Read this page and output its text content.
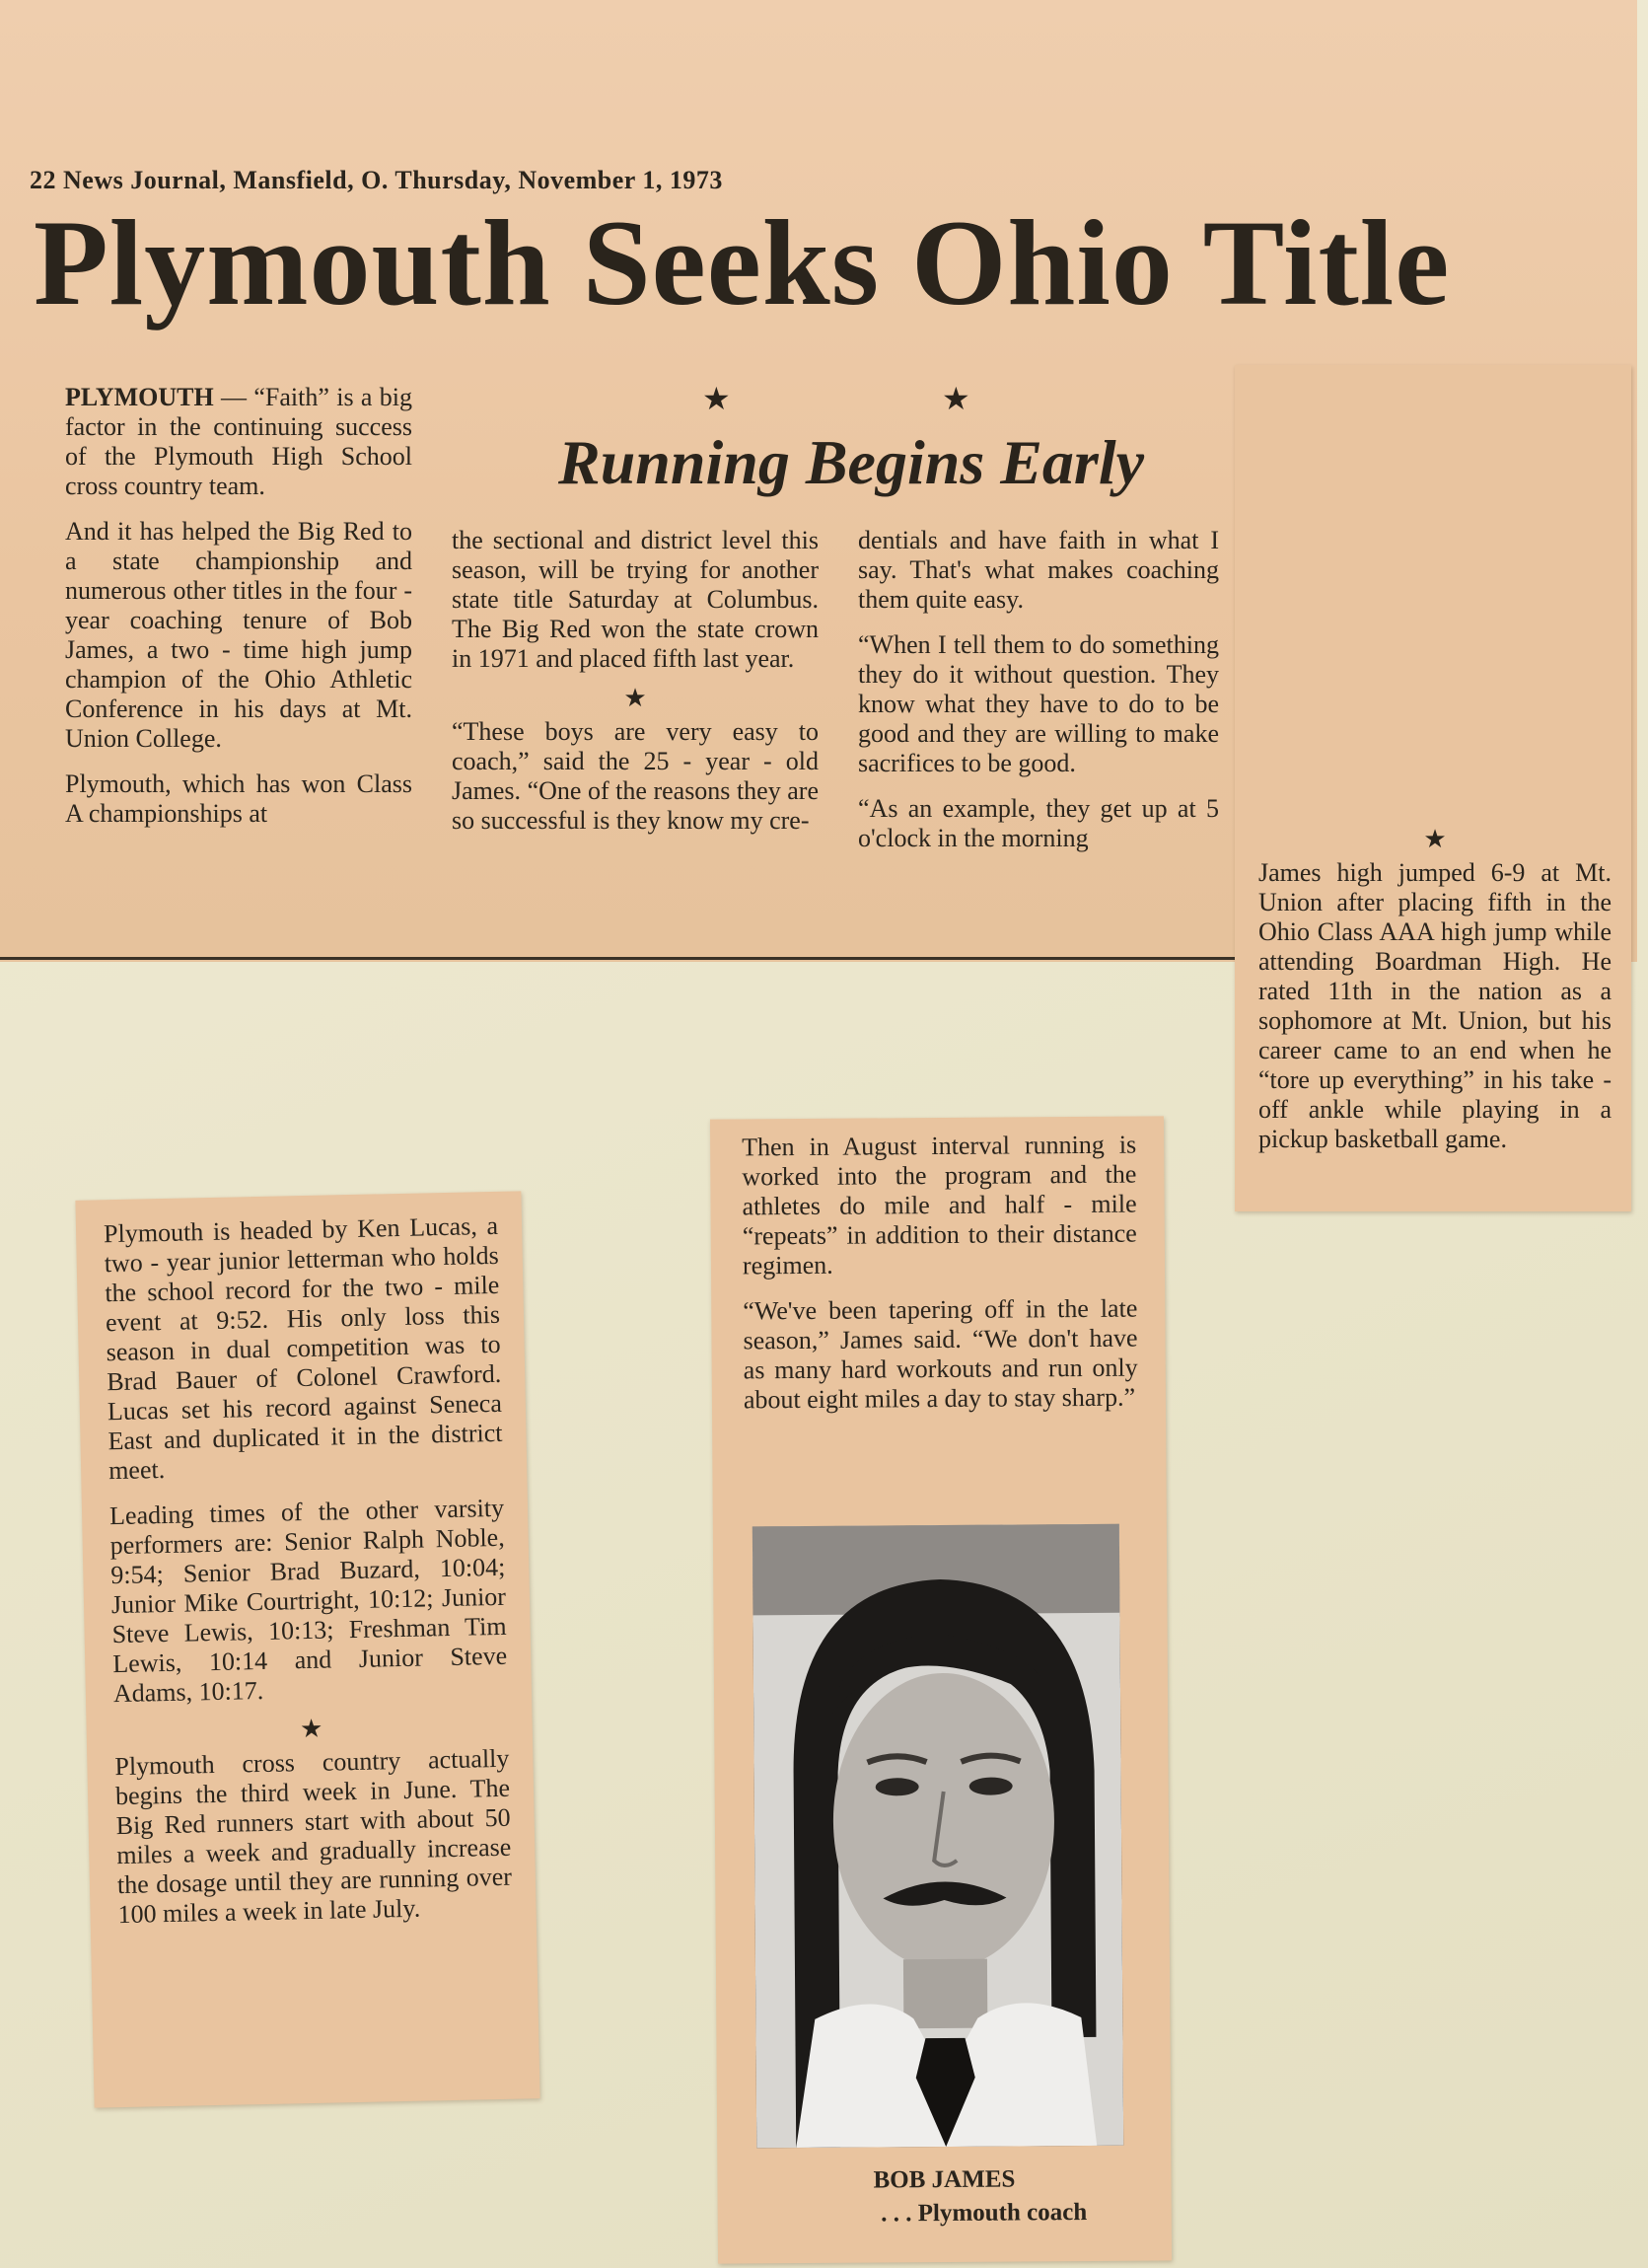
22 News Journal, Mansfield, O. Thursday, November 1, 1973
Plymouth Seeks Ohio Title
★	★
Running Begins Early

PLYMOUTH — “Faith” is a big factor in the continuing success of the Plymouth High School cross country team.

And it has helped the Big Red to a state championship and numerous other titles in the four - year coaching tenure of Bob James, a two - time high jump champion of the Ohio Athletic Conference in his days at Mt. Union College.

Plymouth, which has won Class A championships at

the sectional and district level this season, will be trying for another state title Saturday at Columbus. The Big Red won the state crown in 1971 and placed fifth last year.

★

“These boys are very easy to coach,” said the 25 - year - old James. “One of the reasons they are so successful is they know my cre-

dentials and have faith in what I say. That's what makes coaching them quite easy.

“When I tell them to do something they do it without question. They know what they have to do to be good and they are willing to make sacrifices to be good.

“As an example, they get up at 5 o'clock in the morning	★

James high jumped 6-9 at Mt. Union after placing fifth in the Ohio Class AAA high jump while attending Boardman High. He rated 11th in the nation as a sophomore at Mt. Union, but his career came to an end when he “tore up everything” in his take - off ankle while playing in a pickup basketball game.

Plymouth is headed by Ken Lucas, a two - year junior letterman who holds the school record for the two - mile event at 9:52. His only loss this season in dual competition was to Brad Bauer of Colonel Crawford. Lucas set his record against Seneca East and duplicated it in the district meet.

Leading times of the other varsity performers are: Senior Ralph Noble, 9:54; Senior Brad Buzard, 10:04; Junior Mike Courtright, 10:12; Junior Steve Lewis, 10:13; Freshman Tim Lewis, 10:14 and Junior Steve Adams, 10:17.

★

Plymouth cross country actually begins the third week in June. The Big Red runners start with about 50 miles a week and gradually increase the dosage until they are running over 100 miles a week in late July.

Then in August interval running is worked into the program and the athletes do mile and half - mile “repeats” in addition to their distance regimen.

“We've been tapering off in the late season,” James said. “We don't have as many hard workouts and run only about eight miles a day to stay sharp.”

BOB JAMES
. . . Plymouth coach
